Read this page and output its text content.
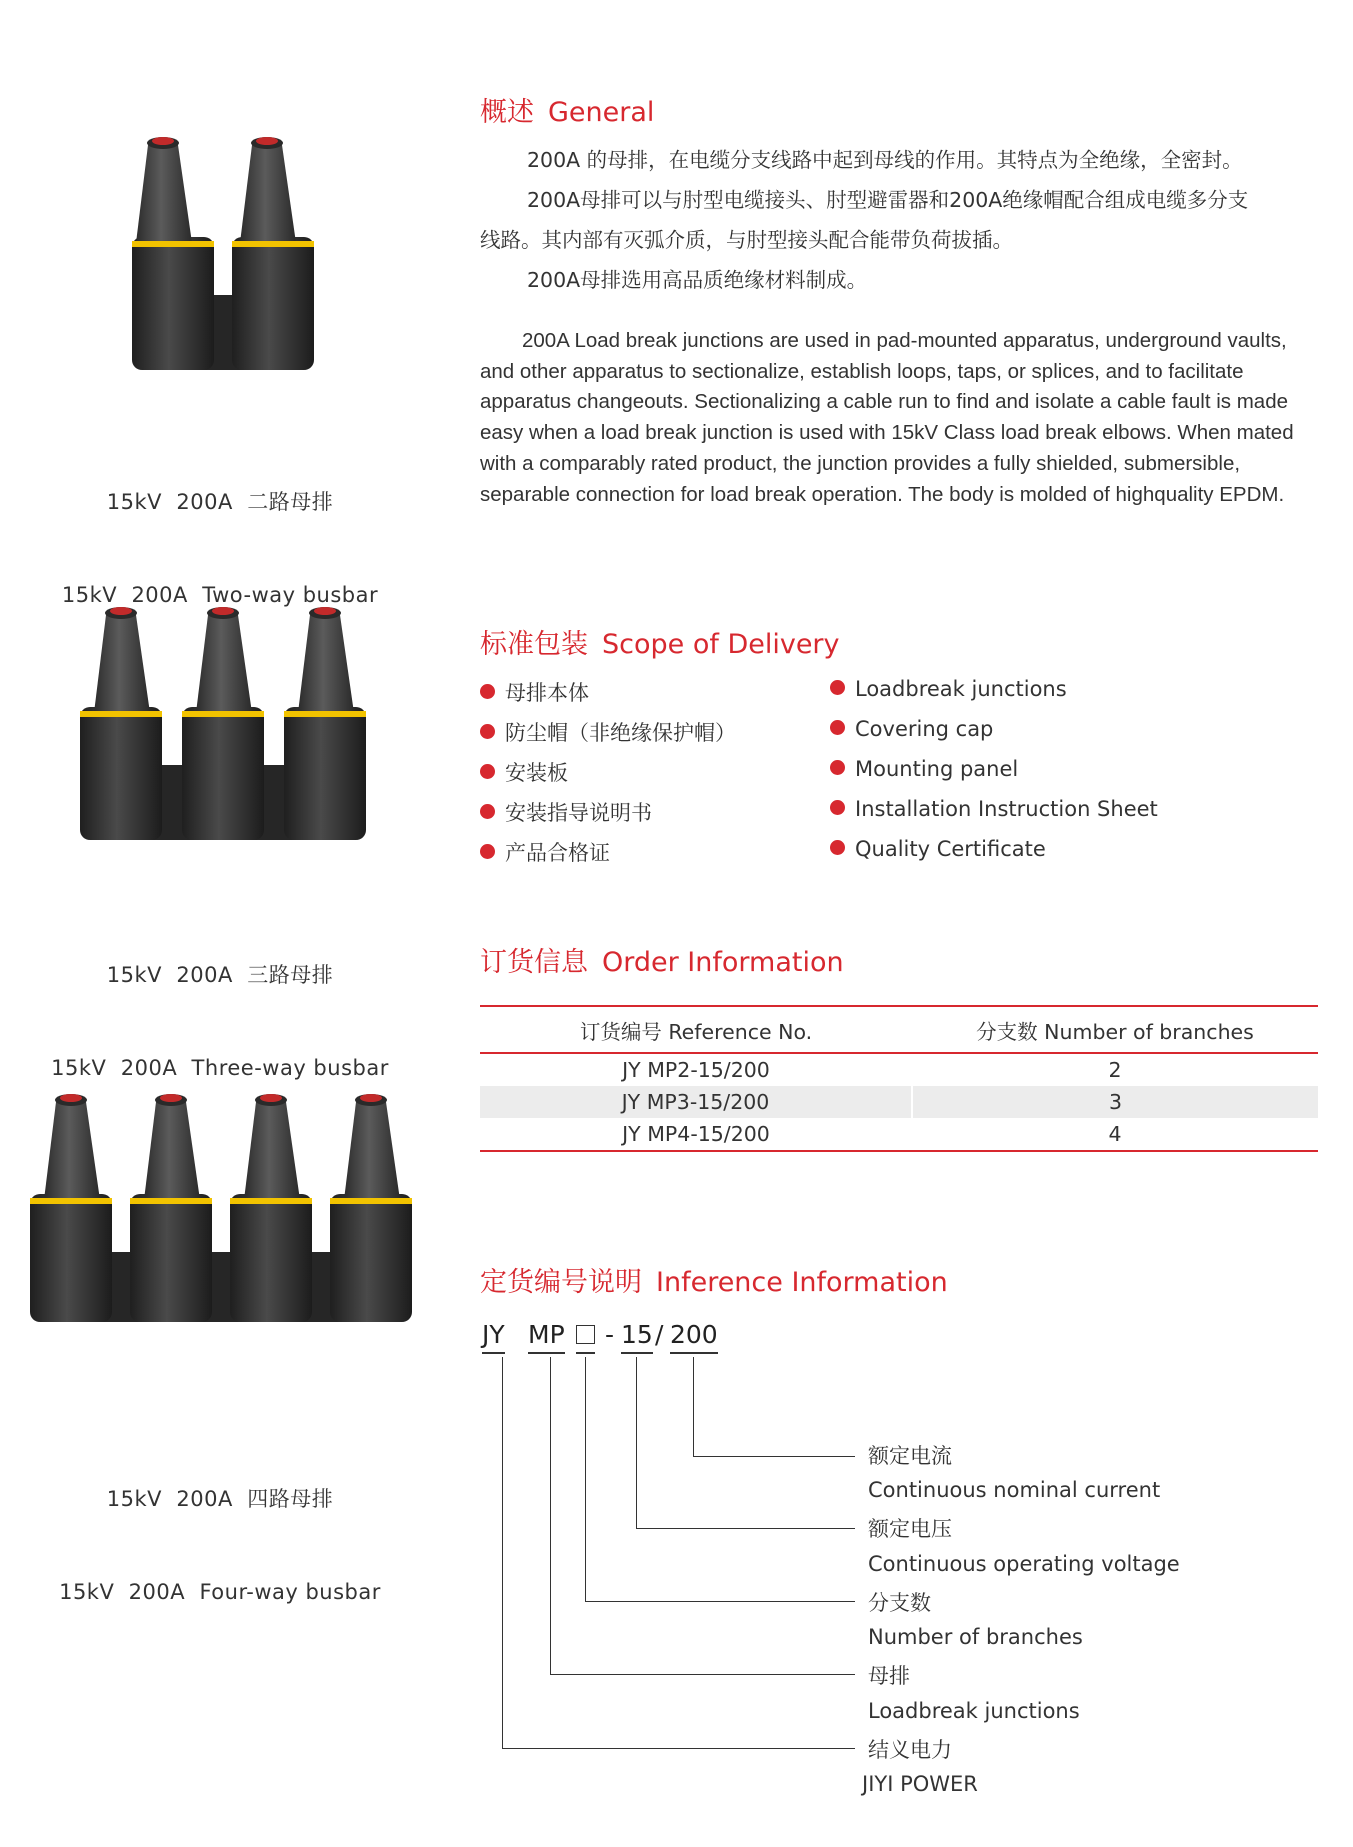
15kV  200A  二路母排

15kV  200A  Two-way busbar

15kV  200A  三路母排

15kV  200A  Three-way busbar

15kV  200A  四路母排

15kV  200A  Four-way busbar

概述 General
200A 的母排，在电缆分支线路中起到母线的作用。其特点为全绝缘，全密封。
200A母排可以与肘型电缆接头、肘型避雷器和200A绝缘帽配合组成电缆多分支
线路。其内部有灭弧介质，与肘型接头配合能带负荷拔插。
200A母排选用高品质绝缘材料制成。
200A Load break junctions are used in pad-mounted apparatus, underground vaults, and other apparatus to sectionalize, establish loops, taps, or splices, and to facilitate apparatus changeouts. Sectionalizing a cable run to find and isolate a cable fault is made easy when a load break junction is used with 15kV Class load break elbows. When mated with a comparably rated product, the junction provides a fully shielded, submersible, separable connection for load break operation. The body is molded of highquality EPDM.
标准包装 Scope of Delivery
母排本体
防尘帽（非绝缘保护帽）
安装板
安装指导说明书
产品合格证
Loadbreak junctions
Covering cap
Mounting panel
Installation Instruction Sheet
Quality Certificate
订货信息 Order Information
订货编号 Reference No.	分支数 Number of branches
JY MP2-15/200	2
JY MP3-15/200	3
JY MP4-15/200	4
定货编号说明 Inference Information
JY MP - 15 / 200
额定电流
Continuous nominal current
额定电压
Continuous operating voltage
分支数
Number of branches
母排
Loadbreak junctions
结义电力
JIYI POWER
